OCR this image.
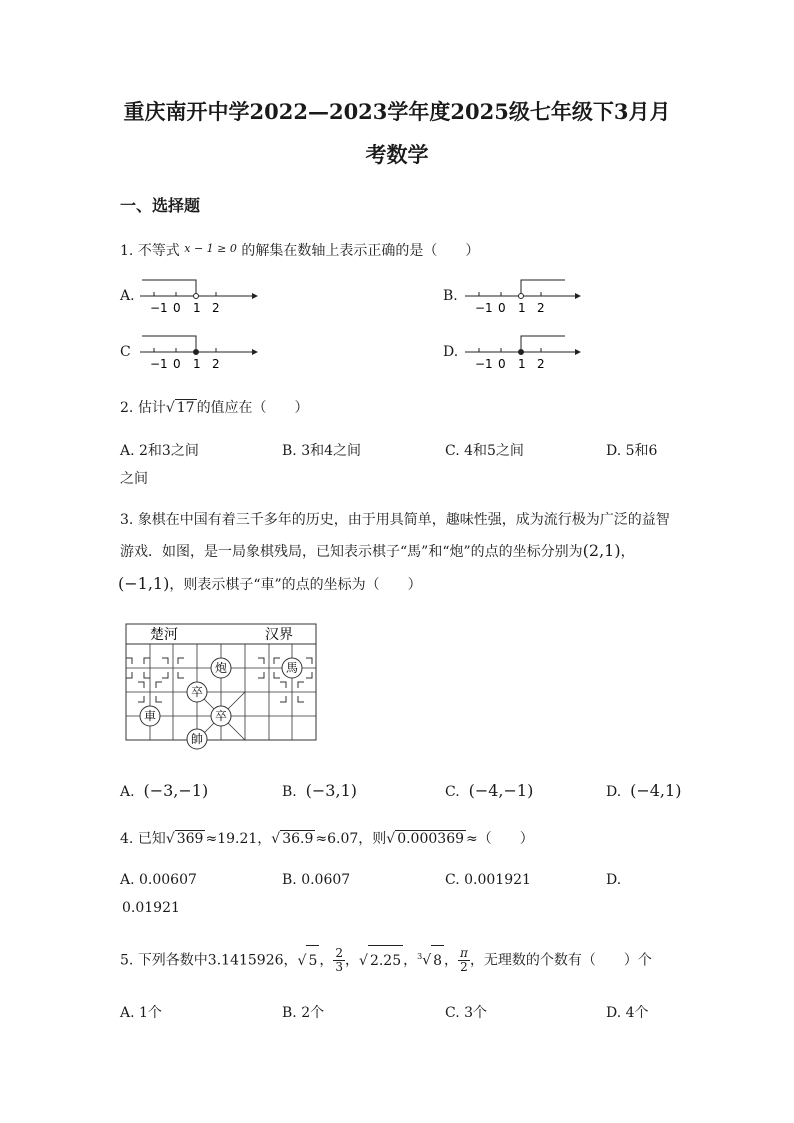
重庆南开中学2022—2023学年度2025级七年级下3月月
考数学
一、选择题
1. 不等式 $^{x - 1 \ge 0}$ 的解集在数轴上表示正确的是（　　）
A.	B.
C	D.
−1 0 1 2	−1 0 1 2
−1 0 1 2	−1 0 1 2
2. 估计√ 17 的值应在（　　）
A. 2和3之间	B. 3和4之间	C. 4和5之间	D. 5和6
之间
3. 象棋在中国有着三千多年的历史，由于用具简单，趣味性强，成为流行极为广泛的益智
游戏．如图，是一局象棋残局，已知表示棋子“馬”和“炮”的点的坐标分别为(2,1)，
(−1,1)，则表示棋子“車”的点的坐标为（　　）
楚河	汉界
炮	馬
卒
卒
車
帥
A. (−3,−1)	B. (−3,1)	C. (−4,−1)	D. (−4,1)
4. 已知√ 369 ≈19.21，√ 36.9 ≈6.07，则√ 0.000369 ≈（　　）
A. 0.00607	B. 0.0607	C. 0.001921	D.
0.01921
5. 下列各数中3.1415926，√ 5 ， $\frac{2}{3}$ ，√ 2.25 ，$^3$√ 8 ， $\frac{\pi}{2}$ ，无理数的个数有（　　）个
A. 1个	B. 2个	C. 3个	D. 4个
